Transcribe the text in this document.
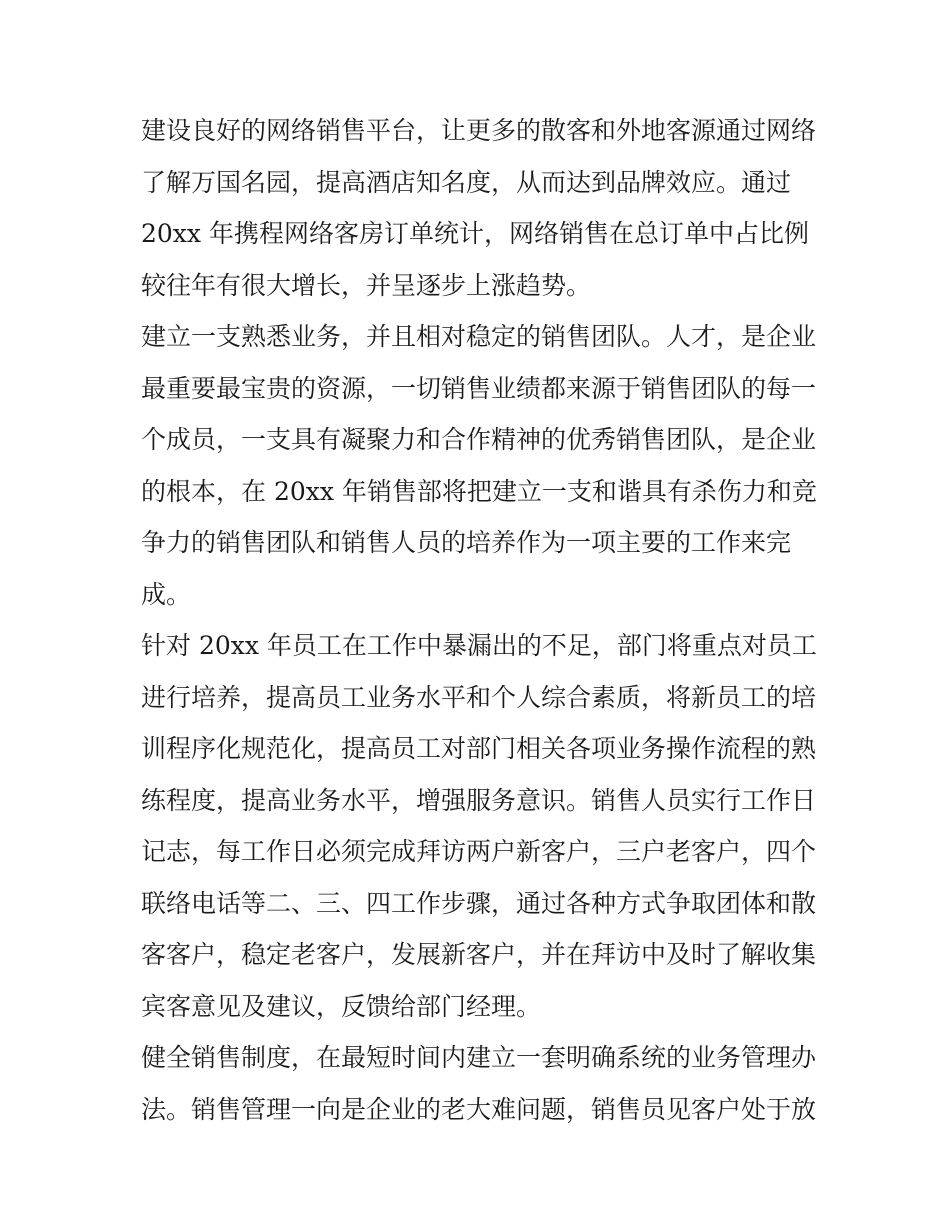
建设良好的网络销售平台，让更多的散客和外地客源通过网络
了解万国名园，提高酒店知名度，从而达到品牌效应。通过
20xx 年携程网络客房订单统计，网络销售在总订单中占比例
较往年有很大增长，并呈逐步上涨趋势。
建立一支熟悉业务，并且相对稳定的销售团队。人才，是企业
最重要最宝贵的资源，一切销售业绩都来源于销售团队的每一
个成员，一支具有凝聚力和合作精神的优秀销售团队，是企业
的根本，在 20xx 年销售部将把建立一支和谐具有杀伤力和竞
争力的销售团队和销售人员的培养作为一项主要的工作来完
成。
针对 20xx 年员工在工作中暴漏出的不足，部门将重点对员工
进行培养，提高员工业务水平和个人综合素质，将新员工的培
训程序化规范化，提高员工对部门相关各项业务操作流程的熟
练程度，提高业务水平，增强服务意识。销售人员实行工作日
记志，每工作日必须完成拜访两户新客户，三户老客户，四个
联络电话等二、三、四工作步骤，通过各种方式争取团体和散
客客户，稳定老客户，发展新客户，并在拜访中及时了解收集
宾客意见及建议，反馈给部门经理。
健全销售制度，在最短时间内建立一套明确系统的业务管理办
法。销售管理一向是企业的老大难问题，销售员见客户处于放
